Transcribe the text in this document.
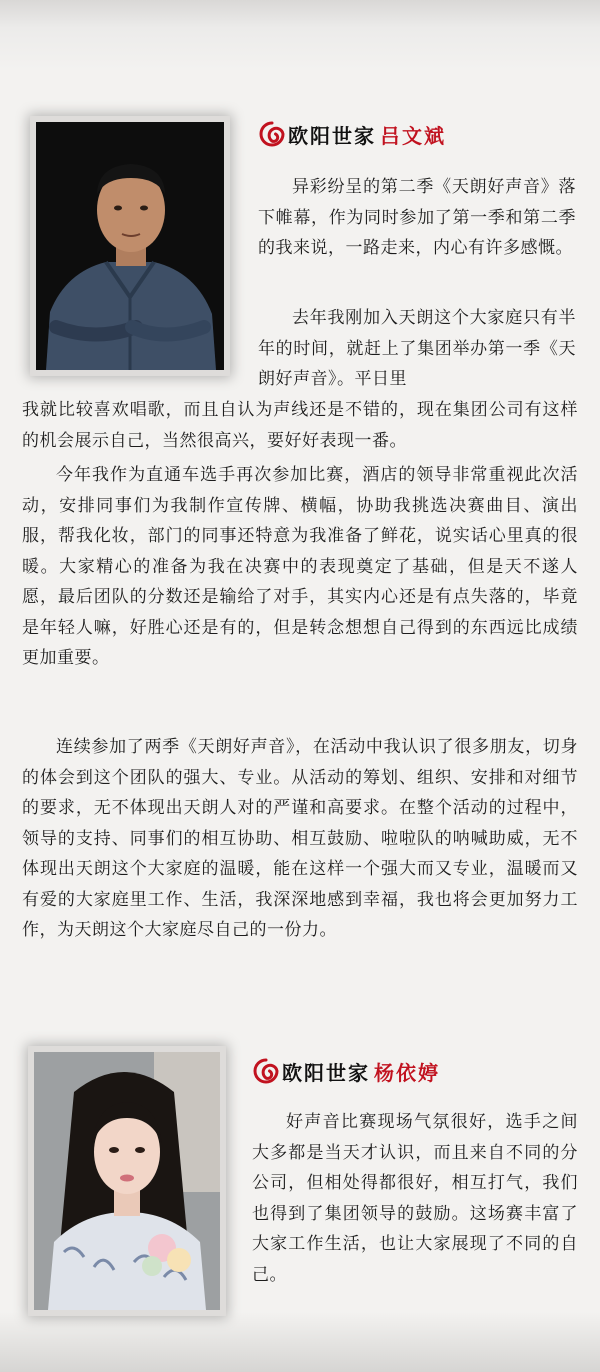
欧阳世家 吕文斌

异彩纷呈的第二季《天朗好声音》落下帷幕，作为同时参加了第一季和第二季的我来说，一路走来，内心有许多感慨。

去年我刚加入天朗这个大家庭只有半年的时间，就赶上了集团举办第一季《天朗好声音》。平日里

我就比较喜欢唱歌，而且自认为声线还是不错的，现在集团公司有这样的机会展示自己，当然很高兴，要好好表现一番。

今年我作为直通车选手再次参加比赛，酒店的领导非常重视此次活动，安排同事们为我制作宣传牌、横幅，协助我挑选决赛曲目、演出服，帮我化妆，部门的同事还特意为我准备了鲜花，说实话心里真的很暖。大家精心的准备为我在决赛中的表现奠定了基础，但是天不遂人愿，最后团队的分数还是输给了对手，其实内心还是有点失落的，毕竟是年轻人嘛，好胜心还是有的，但是转念想想自己得到的东西远比成绩更加重要。

连续参加了两季《天朗好声音》，在活动中我认识了很多朋友，切身的体会到这个团队的强大、专业。从活动的筹划、组织、安排和对细节的要求，无不体现出天朗人对的严谨和高要求。在整个活动的过程中，领导的支持、同事们的相互协助、相互鼓励、啦啦队的呐喊助威，无不体现出天朗这个大家庭的温暖，能在这样一个强大而又专业，温暖而又有爱的大家庭里工作、生活，我深深地感到幸福，我也将会更加努力工作，为天朗这个大家庭尽自己的一份力。

欧阳世家 杨依婷

好声音比赛现场气氛很好，选手之间大多都是当天才认识，而且来自不同的分公司，但相处得都很好，相互打气，我们也得到了集团领导的鼓励。这场赛丰富了大家工作生活，也让大家展现了不同的自己。
